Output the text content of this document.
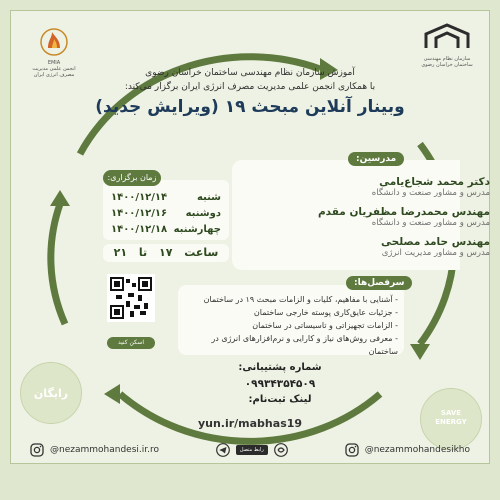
EMIA
انجمن علمی مدیریت مصرف انرژی ایران
سازمان نظام مهندسی ساختمان خراسان رضوی
آموزش سازمان نظام مهندسی ساختمان خراسان رضوی
با همکاری انجمن علمی مدیریت مصرف انرژی ایران برگزار می‌کند:
وبینار آنلاین مبحث ۱۹ (ویرایش جدید)
مدرسین:
دکتر محمد شجاع‌یامی
مدرس و مشاور صنعت و دانشگاه
مهندس محمدرضا مظفریان مقدم
مدرس و مشاور صنعت و دانشگاه
مهندس حامد مصلحی
مدرس و مشاور مدیریت انرژی
زمان برگزاری:
شنبه
۱۴۰۰/۱۲/۱۴
دوشنبه
۱۴۰۰/۱۲/۱۶
چهارشنبه
۱۴۰۰/۱۲/۱۸
ساعت ۱۷ تا ۲۱
اسکن کنید
سرفصل‌ها:
- آشنایی با مفاهیم، کلیات و الزامات مبحث ۱۹ در ساختمان
- جزئیات عایق‌کاری پوسته خارجی ساختمان
- الزامات تجهیزاتی و تاسیساتی در ساختمان
- معرفی روش‌های نیاز و کارایی و نرم‌افزارهای انرژی در ساختمان
شماره پشتیبانی:
۰۹۹۳۴۳۵۴۵۰۹
لینک ثبت‌نام:
yun.ir/mabhas19
رایگان
SAVE
ENERGY
@nezammohandesi.ir.ro	رابط متصل	@nezammohandesikho
